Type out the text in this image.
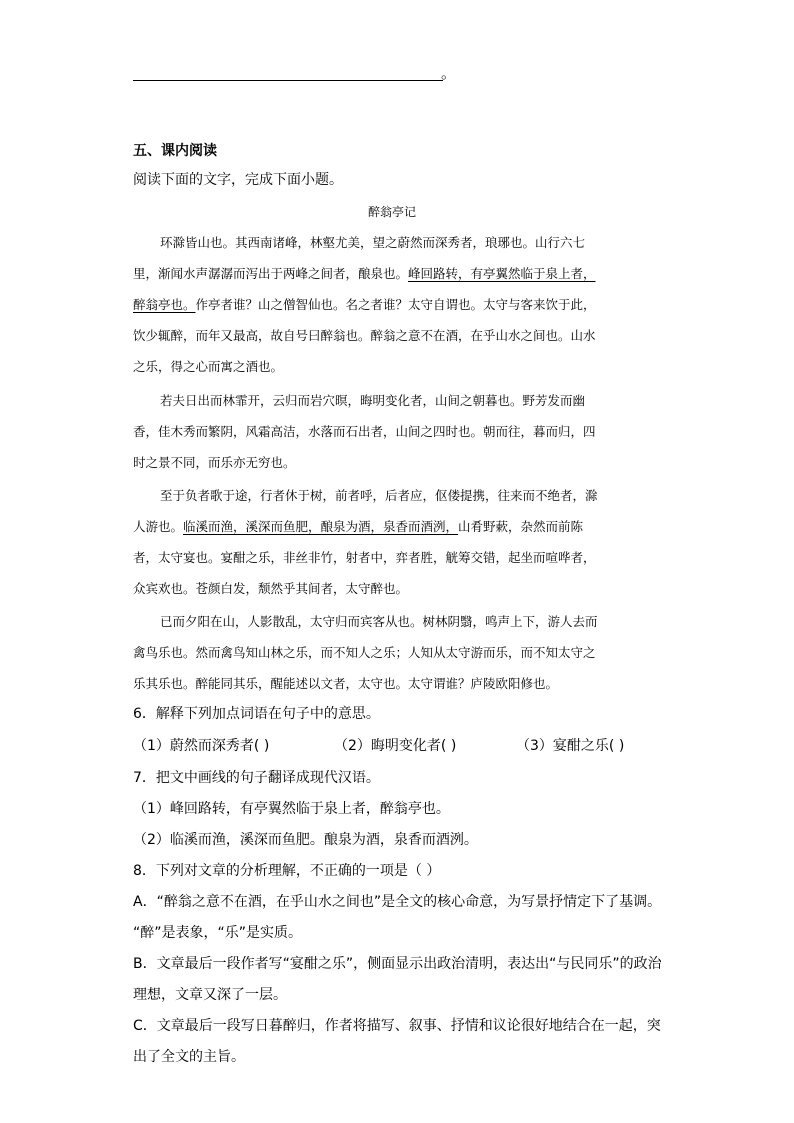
。
五、课内阅读
阅读下面的文字，完成下面小题。
醉翁亭记
环滁皆山也。其西南诸峰，林壑尤美，望之蔚然而深秀者，琅琊也。山行六七
里，渐闻水声潺潺而泻出于两峰之间者，酿泉也。峰回路转，有亭翼然临于泉上者，
醉翁亭也。作亭者谁？山之僧智仙也。名之者谁？太守自谓也。太守与客来饮于此，
饮少辄醉，而年又最高，故自号曰醉翁也。醉翁之意不在酒，在乎山水之间也。山水
之乐，得之心而寓之酒也。
若夫日出而林霏开，云归而岩穴暝，晦明变化者，山间之朝暮也。野芳发而幽
香，佳木秀而繁阴，风霜高洁，水落而石出者，山间之四时也。朝而往，暮而归，四
时之景不同，而乐亦无穷也。
至于负者歌于途，行者休于树，前者呼，后者应，伛偻提携，往来而不绝者，滁
人游也。临溪而渔，溪深而鱼肥，酿泉为酒，泉香而酒洌，山肴野蔌，杂然而前陈
者，太守宴也。宴酣之乐，非丝非竹，射者中，弈者胜，觥筹交错，起坐而喧哗者，
众宾欢也。苍颜白发，颓然乎其间者，太守醉也。
已而夕阳在山，人影散乱，太守归而宾客从也。树林阴翳，鸣声上下，游人去而
禽鸟乐也。然而禽鸟知山林之乐，而不知人之乐；人知从太守游而乐，而不知太守之
乐其乐也。醉能同其乐，醒能述以文者，太守也。太守谓谁？庐陵欧阳修也。
6．解释下列加点词语在句子中的意思。
（1）蔚然而深秀者( )	（2）晦明变化者( )	（3）宴酣之乐( )
7．把文中画线的句子翻译成现代汉语。
（1）峰回路转，有亭翼然临于泉上者，醉翁亭也。
（2）临溪而渔，溪深而鱼肥。酿泉为酒，泉香而酒洌。
8．下列对文章的分析理解，不正确的一项是（ ）
A．“醉翁之意不在酒，在乎山水之间也”是全文的核心命意，为写景抒情定下了基调。
“醉”是表象，“乐”是实质。
B．文章最后一段作者写“宴酣之乐”，侧面显示出政治清明，表达出“与民同乐”的政治
理想，文章又深了一层。
C．文章最后一段写日暮醉归，作者将描写、叙事、抒情和议论很好地结合在一起，突
出了全文的主旨。
